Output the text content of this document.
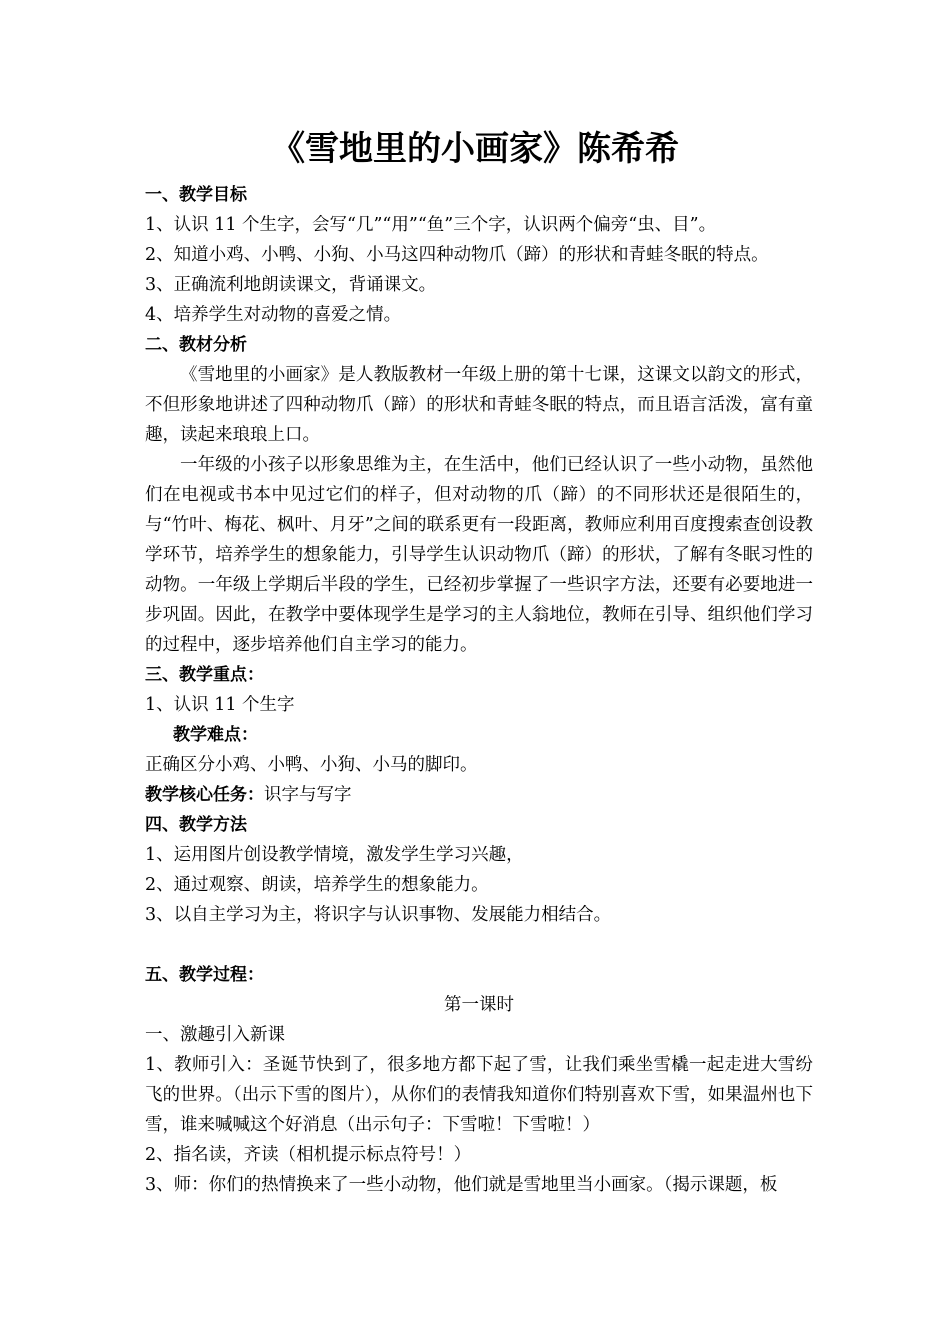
《雪地里的小画家》陈希希

一、教学目标

1、认识 11 个生字，会写“几”“用”“鱼”三个字，认识两个偏旁“虫、目”。

2、知道小鸡、小鸭、小狗、小马这四种动物爪（蹄）的形状和青蛙冬眠的特点。

3、正确流利地朗读课文，背诵课文。

4、培养学生对动物的喜爱之情。

二、教材分析

《雪地里的小画家》是人教版教材一年级上册的第十七课，这课文以韵文的形式，不但形象地讲述了四种动物爪（蹄）的形状和青蛙冬眠的特点，而且语言活泼，富有童趣，读起来琅琅上口。

一年级的小孩子以形象思维为主，在生活中，他们已经认识了一些小动物，虽然他们在电视或书本中见过它们的样子，但对动物的爪（蹄）的不同形状还是很陌生的，与“竹叶、梅花、枫叶、月牙”之间的联系更有一段距离，教师应利用百度搜索查创设教学环节，培养学生的想象能力，引导学生认识动物爪（蹄）的形状，了解有冬眠习性的动物。一年级上学期后半段的学生，已经初步掌握了一些识字方法，还要有必要地进一步巩固。因此，在教学中要体现学生是学习的主人翁地位，教师在引导、组织他们学习的过程中，逐步培养他们自主学习的能力。

三、教学重点：

1、认识 11 个生字

教学难点：

正确区分小鸡、小鸭、小狗、小马的脚印。

教学核心任务：识字与写字

四、教学方法

1、运用图片创设教学情境，激发学生学习兴趣，

2、通过观察、朗读，培养学生的想象能力。

3、以自主学习为主，将识字与认识事物、发展能力相结合。

五、教学过程：

第一课时

一、激趣引入新课

1、教师引入：圣诞节快到了，很多地方都下起了雪，让我们乘坐雪橇一起走进大雪纷飞的世界。（出示下雪的图片），从你们的表情我知道你们特别喜欢下雪，如果温州也下雪，谁来喊喊这个好消息（出示句子：下雪啦！下雪啦！）

2、指名读，齐读（相机提示标点符号！）

3、师：你们的热情换来了一些小动物，他们就是雪地里当小画家。（揭示课题，板
